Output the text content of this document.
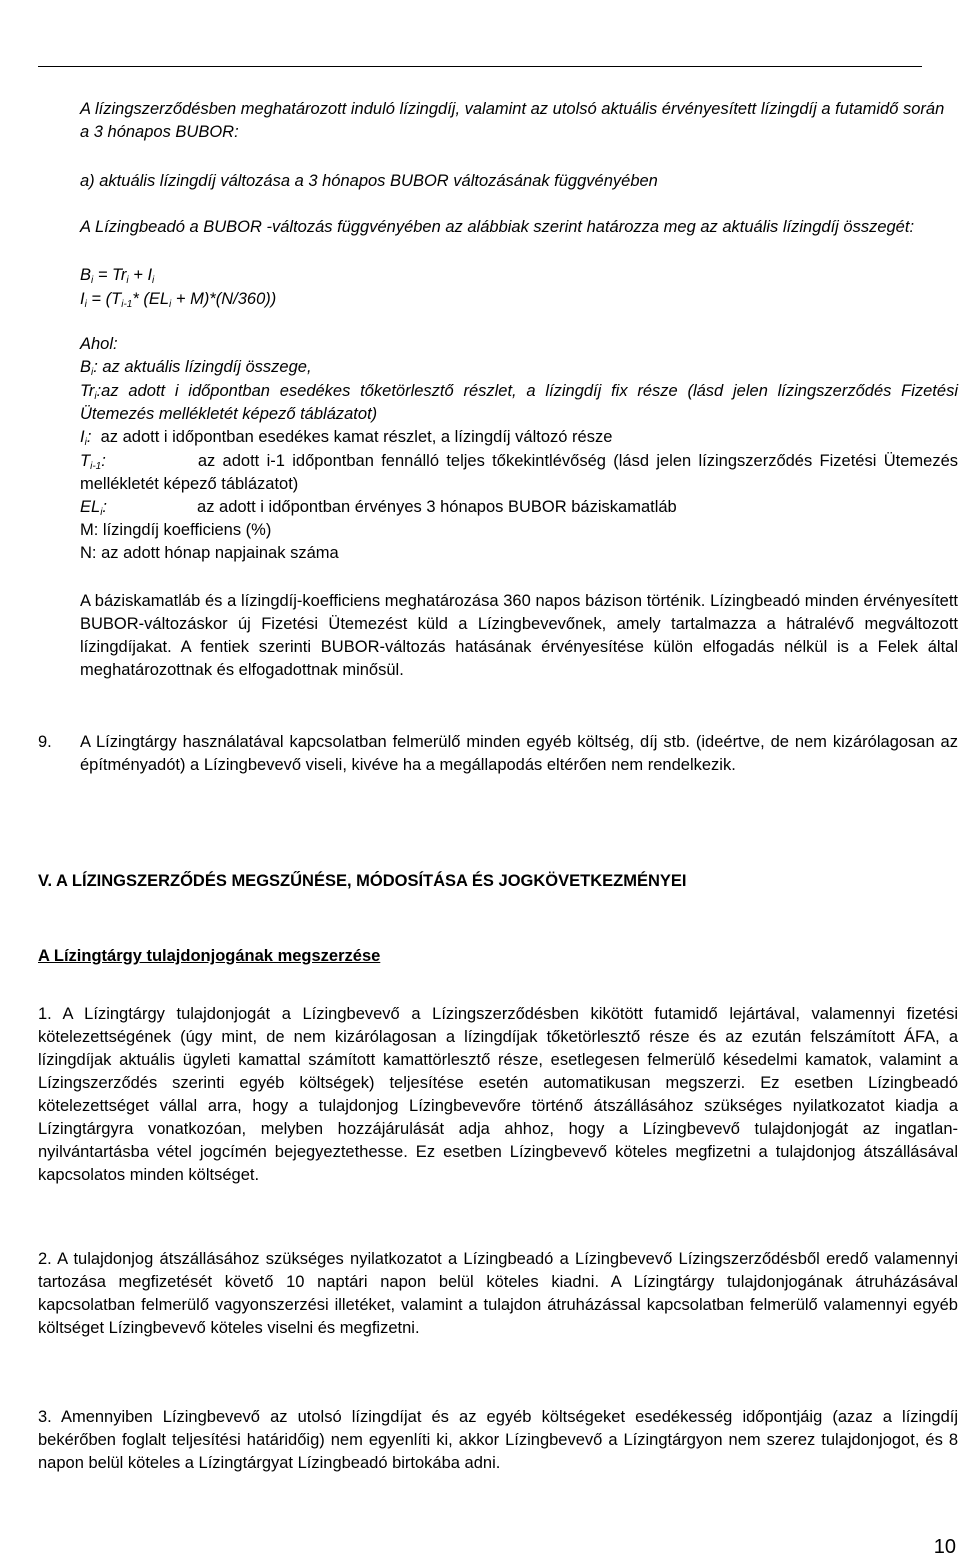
Ingatlanlízing üzletszabályzat	2011. január 1.
Merkantil Ingatlan Zrt.
A lízingszerződésben meghatározott induló lízingdíj, valamint az utolsó aktuális érvényesített lízingdíj a futamidő során a 3 hónapos BUBOR:
a) aktuális lízingdíj változása a 3 hónapos BUBOR változásának függvényében
A Lízingbeadó a BUBOR -változás függvényében az alábbiak szerint határozza meg az aktuális lízingdíj összegét:
$B_i = Tr_i + I_i$
$I_i = (T_{i-1}*$ $(EL_i + M)*(N/360)$)
Ahol:
$B_i$: az aktuális lízingdíj összege,
$Tr_i:az$ adott i időpontban esedékes tőketörlesztő részlet, a lízingdíj fix része (lásd jelen lízingszerződés Fizetési Ütemezés mellékletét képező táblázatot)
$I_i$: az adott i időpontban esedékes kamat részlet, a lízingdíj változó része
$T_{i-1}$:	az adott i-1 időpontban fennálló teljes tőkekintlévőség (lásd jelen lízingszerződés Fizetési Ütemezés mellékletét képező táblázatot)
$EL_i$:	az adott i időpontban érvényes 3 hónapos BUBOR báziskamatláb
M: lízingdíj koefficiens (%)
N: az adott hónap napjainak száma
A báziskamatláb és a lízingdíj-koefficiens meghatározása 360 napos bázison történik. Lízingbeadó minden érvényesített BUBOR-változáskor új Fizetési Ütemezést küld a Lízingbevevőnek, amely tartalmazza a hátralévő megváltozott lízingdíjakat. A fentiek szerinti BUBOR-változás hatásának érvényesítése külön elfogadás nélkül is a Felek által meghatározottnak és elfogadottnak minősül.
9. A Lízingtárgy használatával kapcsolatban felmerülő minden egyéb költség, díj stb. (ideértve, de nem kizárólagosan az építményadót) a Lízingbevevő viseli, kivéve ha a megállapodás eltérően nem rendelkezik.
V. A LÍZINGSZERZŐDÉS MEGSZŰNÉSE, MÓDOSÍTÁSA ÉS JOGKÖVETKEZMÉNYEI
A Lízingtárgy tulajdonjogának megszerzése
1. A Lízingtárgy tulajdonjogát a Lízingbevevő a Lízingszerződésben kikötött futamidő lejártával, valamennyi fizetési kötelezettségének (úgy mint, de nem kizárólagosan a lízingdíjak tőketörlesztő része és az ezután felszámított ÁFA, a lízingdíjak aktuális ügyleti kamattal számított kamattörlesztő része, esetlegesen felmerülő késedelmi kamatok, valamint a Lízingszerződés szerinti egyéb költségek) teljesítése esetén automatikusan megszerzi. Ez esetben Lízingbeadó kötelezettséget vállal arra, hogy a tulajdonjog Lízingbevevőre történő átszállásához szükséges nyilatkozatot kiadja a Lízingtárgyra vonatkozóan, melyben hozzájárulását adja ahhoz, hogy a Lízingbevevő tulajdonjogát az ingatlan-nyilvántartásba vétel jogcímén bejegyeztethesse. Ez esetben Lízingbevevő köteles megfizetni a tulajdonjog átszállásával kapcsolatos minden költséget.
2. A tulajdonjog átszállásához szükséges nyilatkozatot a Lízingbeadó a Lízingbevevő Lízingszerződésből eredő valamennyi tartozása megfizetését követő 10 naptári napon belül köteles kiadni. A Lízingtárgy tulajdonjogának átruházásával kapcsolatban felmerülő vagyonszerzési illetéket, valamint a tulajdon átruházással kapcsolatban felmerülő valamennyi egyéb költséget Lízingbevevő köteles viselni és megfizetni.
3. Amennyiben Lízingbevevő az utolsó lízingdíjat és az egyéb költségeket esedékesség időpontjáig (azaz a lízingdíj bekérőben foglalt teljesítési határidőig) nem egyenlíti ki, akkor Lízingbevevő a Lízingtárgyon nem szerez tulajdonjogot, és 8 napon belül köteles a Lízingtárgyat Lízingbeadó birtokába adni.
10
